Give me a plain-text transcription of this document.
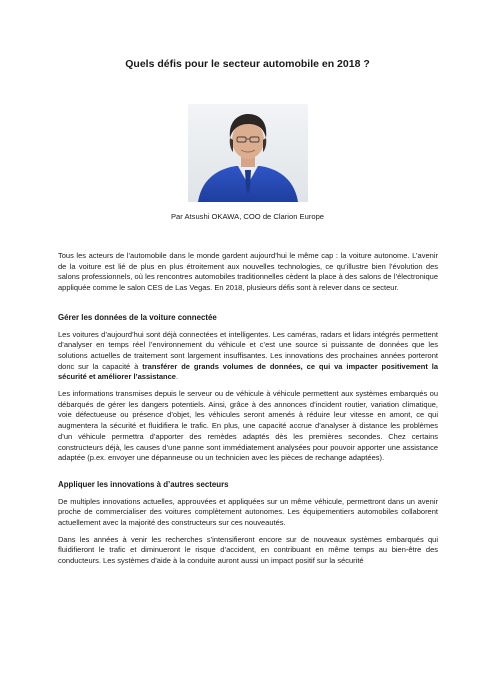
Quels défis pour le secteur automobile en 2018 ?

Par Atsushi OKAWA, COO de Clarion Europe

Tous les acteurs de l’automobile dans le monde gardent aujourd’hui le même cap : la voiture autonome. L’avenir de la voiture est lié de plus en plus étroitement aux nouvelles technologies, ce qu’illustre bien l’évolution des salons professionnels, où les rencontres automobiles traditionnelles cèdent la place à des salons de l’électronique appliquée comme le salon CES de Las Vegas. En 2018, plusieurs défis sont à relever dans ce secteur.

Gérer les données de la voiture connectée

Les voitures d’aujourd’hui sont déjà connectées et intelligentes. Les caméras, radars et lidars intégrés permettent d’analyser en temps réel l’environnement du véhicule et c’est une source si puissante de données que les solutions actuelles de traitement sont largement insuffisantes. Les innovations des prochaines années porteront donc sur la capacité à transférer de grands volumes de données, ce qui va impacter positivement la sécurité et améliorer l’assistance.

Les informations transmises depuis le serveur ou de véhicule à véhicule permettent aux systèmes embarqués ou débarqués de gérer les dangers potentiels. Ainsi, grâce à des annonces d’incident routier, variation climatique, voie défectueuse ou présence d’objet, les véhicules seront amenés à réduire leur vitesse en amont, ce qui augmentera la sécurité et fluidifiera le trafic. En plus, une capacité accrue d’analyser à distance les problèmes d’un véhicule permettra d’apporter des remèdes adaptés dès les premières secondes. Chez certains constructeurs déjà, les causes d’une panne sont immédiatement analysées pour pouvoir apporter une assistance adaptée (p.ex. envoyer une dépanneuse ou un technicien avec les pièces de rechange adaptées).

Appliquer les innovations à d’autres secteurs

De multiples innovations actuelles, approuvées et appliquées sur un même véhicule, permettront dans un avenir proche de commercialiser des voitures complètement autonomes. Les équipementiers automobiles collaborent actuellement avec la majorité des constructeurs sur ces nouveautés.

Dans les années à venir les recherches s’intensifieront encore sur de nouveaux systèmes embarqués qui fluidifieront le trafic et diminueront le risque d’accident, en contribuant en même temps au bien-être des conducteurs. Les systèmes d’aide à la conduite auront aussi un impact positif sur la sécurité
